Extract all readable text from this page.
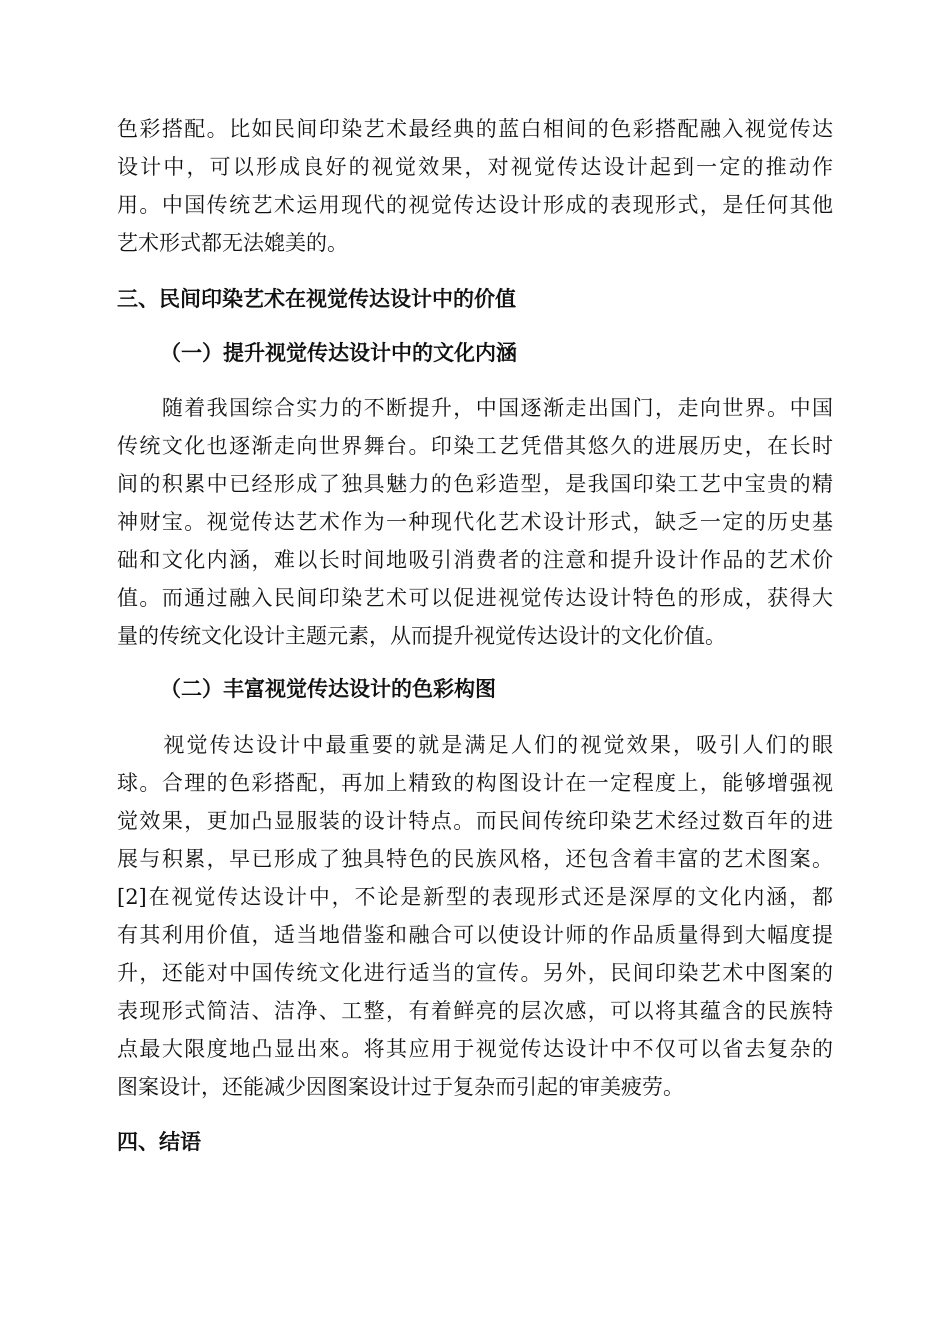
色彩搭配。比如民间印染艺术最经典的蓝白相间的色彩搭配融入视觉传达
设计中，可以形成良好的视觉效果，对视觉传达设计起到一定的推动作
用。中国传统艺术运用现代的视觉传达设计形成的表现形式，是任何其他
艺术形式都无法媲美的。
三、民间印染艺术在视觉传达设计中的价值
（一）提升视觉传达设计中的文化内涵
　　随着我国综合实力的不断提升，中国逐渐走出国门，走向世界。中国
传统文化也逐渐走向世界舞台。印染工艺凭借其悠久的进展历史，在长时
间的积累中已经形成了独具魅力的色彩造型，是我国印染工艺中宝贵的精
神财宝。视觉传达艺术作为一种现代化艺术设计形式，缺乏一定的历史基
础和文化内涵，难以长时间地吸引消费者的注意和提升设计作品的艺术价
值。而通过融入民间印染艺术可以促进视觉传达设计特色的形成，获得大
量的传统文化设计主题元素，从而提升视觉传达设计的文化价值。
（二）丰富视觉传达设计的色彩构图
　　视觉传达设计中最重要的就是满足人们的视觉效果，吸引人们的眼
球。合理的色彩搭配，再加上精致的构图设计在一定程度上，能够增强视
觉效果，更加凸显服装的设计特点。而民间传统印染艺术经过数百年的进
展与积累，早已形成了独具特色的民族风格，还包含着丰富的艺术图案。
[2]在视觉传达设计中，不论是新型的表现形式还是深厚的文化内涵，都
有其利用价值，适当地借鉴和融合可以使设计师的作品质量得到大幅度提
升，还能对中国传统文化进行适当的宣传。另外，民间印染艺术中图案的
表现形式简洁、洁净、工整，有着鲜亮的层次感，可以将其蕴含的民族特
点最大限度地凸显出來。将其应用于视觉传达设计中不仅可以省去复杂的
图案设计，还能减少因图案设计过于复杂而引起的审美疲劳。
四、结语
